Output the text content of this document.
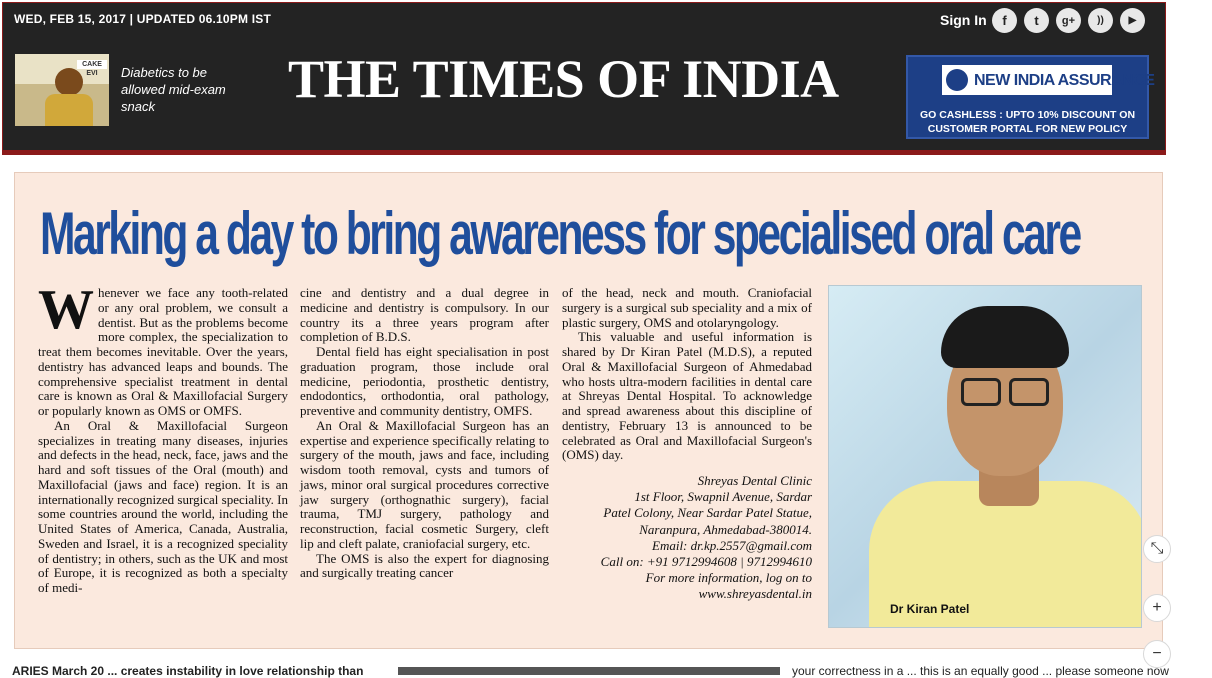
WED, FEB 15, 2017 | UPDATED 06.10PM IST	Sign In	f	t	g+	))	▶
CAKE EVI	Diabetics to be allowed mid-exam snack	THE TIMES OF INDIA	NEW INDIA ASSURANCE
GO CASHLESS : UPTO 10% DISCOUNT ON
CUSTOMER PORTAL FOR NEW POLICY
Marking a day to bring awareness for specialised oral care

Whenever we face any tooth-related or any oral problem, we consult a dentist. But as the problems become more complex, the specialization to treat them becomes inevitable. Over the years, dentistry has advanced leaps and bounds. The comprehensive specialist treatment in dental care is known as Oral & Maxillofacial Surgery or popularly known as OMS or OMFS.

An Oral & Maxillofacial Surgeon specializes in treating many diseases, injuries and defects in the head, neck, face, jaws and the hard and soft tissues of the Oral (mouth) and Maxillofacial (jaws and face) region. It is an internationally recognized surgical speciality. In some countries around the world, including the United States of America, Canada, Australia, Sweden and Israel, it is a recognized speciality of dentistry; in others, such as the UK and most of Europe, it is recognized as both a specialty of medi-

cine and dentistry and a dual degree in medicine and dentistry is compulsory. In our country its a three years program after completion of B.D.S.

Dental field has eight specialisation in post graduation program, those include oral medicine, periodontia, prosthetic dentistry, endodontics, orthodontia, oral pathology, preventive and community dentistry, OMFS.

An Oral & Maxillofacial Surgeon has an expertise and experience specifically relating to surgery of the mouth, jaws and face, including wisdom tooth removal, cysts and tumors of jaws, minor oral surgical procedures corrective jaw surgery (orthognathic surgery), facial trauma, TMJ surgery, pathology and reconstruction, facial cosmetic Surgery, cleft lip and cleft palate, craniofacial surgery, etc.

The OMS is also the expert for diagnosing and surgically treating cancer

of the head, neck and mouth. Craniofacial surgery is a surgical sub speciality and a mix of plastic surgery, OMS and otolaryngology.

This valuable and useful information is shared by Dr Kiran Patel (M.D.S), a reputed Oral & Maxillofacial Surgeon of Ahmedabad who hosts ultra-modern facilities in dental care at Shreyas Dental Hospital. To acknowledge and spread awareness about this discipline of dentistry, February 13 is announced to be celebrated as Oral and Maxillofacial Surgeon's (OMS) day.

Shreyas Dental Clinic
1st Floor, Swapnil Avenue, Sardar
Patel Colony, Near Sardar Patel Statue,
Naranpura, Ahmedabad-380014.
Email: dr.kp.2557@gmail.com
Call on: +91 9712994608 | 9712994610
For more information, log on to
www.shreyasdental.in
Dr Kiran Patel
⤡
+
−
ARIES March 20 ... creates instability in love relationship than	your correctness in a ... this is an equally good ... please someone now
